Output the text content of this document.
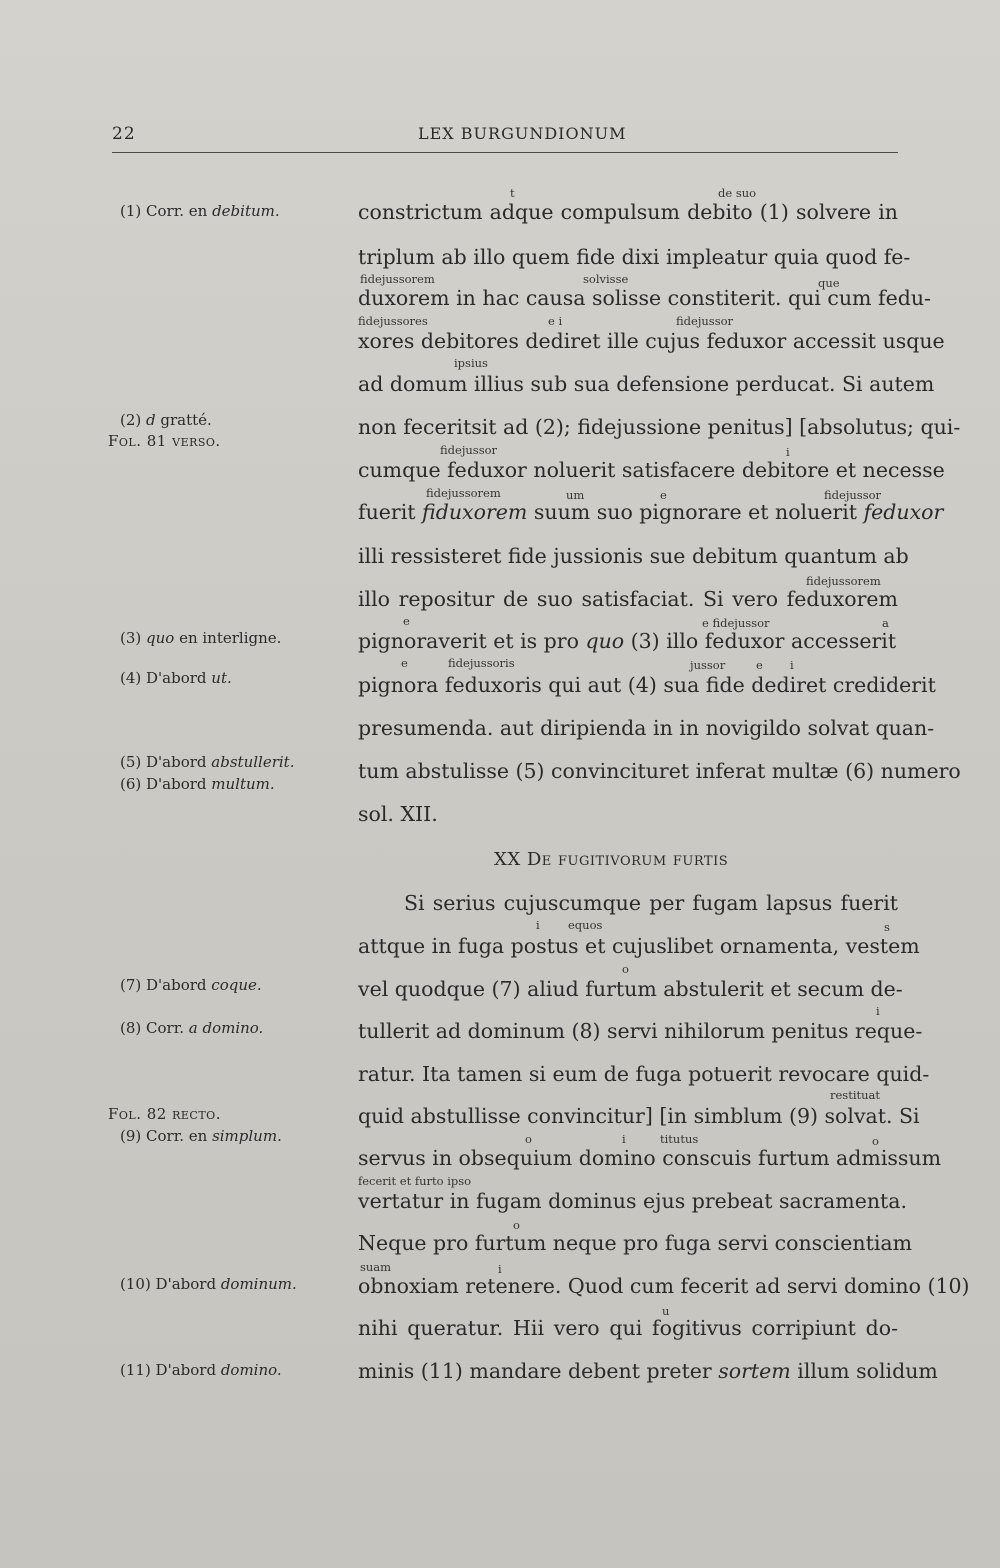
22	LEX BURGUNDIONUM
(1) Corr. en debitum.
(2) d gratté.
Fol. 81 verso.
(3) quo en interligne.
(4) D'abord ut.
(5) D'abord abstullerit.
(6) D'abord multum.
(7) D'abord coque.
(8) Corr. a domino.
Fol. 82 recto.
(9) Corr. en simplum.
(10) D'abord dominum.
(11) D'abord domino.
t	de suo
fidejussorem	solvisse	que
fidejussores	e i	fidejussor
ipsius
fidejussor	i
fidejussorem	um	e	fidejussor
fidejussorem
e	e fidejussor	a
e	fidejussoris	jussor	e i
i equos	s
o
i
restituat
o	i	titutus	o
fecerit et furto ipso
o
suam	i
u
constrictum adque compulsum debito (1) solvere in
triplum ab illo quem fide dixi impleatur quia quod fe-
duxorem in hac causa solisse constiterit. qui cum fedu-
xores debitores dediret ille cujus feduxor accessit usque
ad domum illius sub sua defensione perducat. Si autem
non feceritsit ad (2); fidejussione penitus] [absolutus; qui-
cumque feduxor noluerit satisfacere debitore et necesse
fuerit fiduxorem suum suo pignorare et noluerit feduxor
illi ressisteret fide jussionis sue debitum quantum ab
illo repositur de suo satisfaciat. Si vero feduxorem
pignoraverit et is pro quo (3) illo feduxor accesserit
pignora feduxoris qui aut (4) sua fide dediret crediderit
presumenda. aut diripienda in in novigildo solvat quan-
tum abstulisse (5) convincituret inferat multæ (6) numero
sol. XII.
XX De fugitivorum furtis
Si serius cujuscumque per fugam lapsus fuerit
attque in fuga postus et cujuslibet ornamenta, vestem
vel quodque (7) aliud furtum abstulerit et secum de-
tullerit ad dominum (8) servi nihilorum penitus reque-
ratur. Ita tamen si eum de fuga potuerit revocare quid-
quid abstullisse convincitur] [in simblum (9) solvat. Si
servus in obsequium domino conscuis furtum admissum
vertatur in fugam dominus ejus prebeat sacramenta.
Neque pro furtum neque pro fuga servi conscientiam
obnoxiam retenere. Quod cum fecerit ad servi domino (10)
nihi queratur. Hii vero qui fogitivus corripiunt do-
minis (11) mandare debent preter sortem illum solidum
